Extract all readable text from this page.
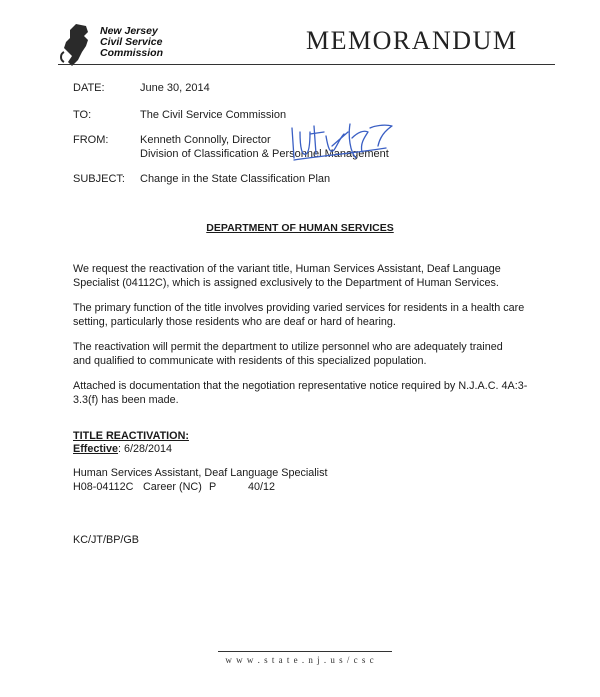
New Jersey
Civil Service
Commission	MEMORANDUM
DATE:	June 30, 2014
TO:	The Civil Service Commission
FROM:	Kenneth Connolly, Director
Division of Classification & Personnel Management
SUBJECT: Change in the State Classification Plan
DEPARTMENT OF HUMAN SERVICES
We request the reactivation of the variant title, Human Services Assistant, Deaf Language
Specialist (04112C), which is assigned exclusively to the Department of Human Services.
The primary function of the title involves providing varied services for residents in a health care
setting, particularly those residents who are deaf or hard of hearing.
The reactivation will permit the department to utilize personnel who are adequately trained
and qualified to communicate with residents of this specialized population.
Attached is documentation that the negotiation representative notice required by N.J.A.C. 4A:3-
3.3(f) has been made.
TITLE REACTIVATION:
Effective: 6/28/2014
Human Services Assistant, Deaf Language Specialist
H08-04112C Career (NC) P	40/12
KC/JT/BP/GB
w w w . s t a t e . n j . u s / c s c
